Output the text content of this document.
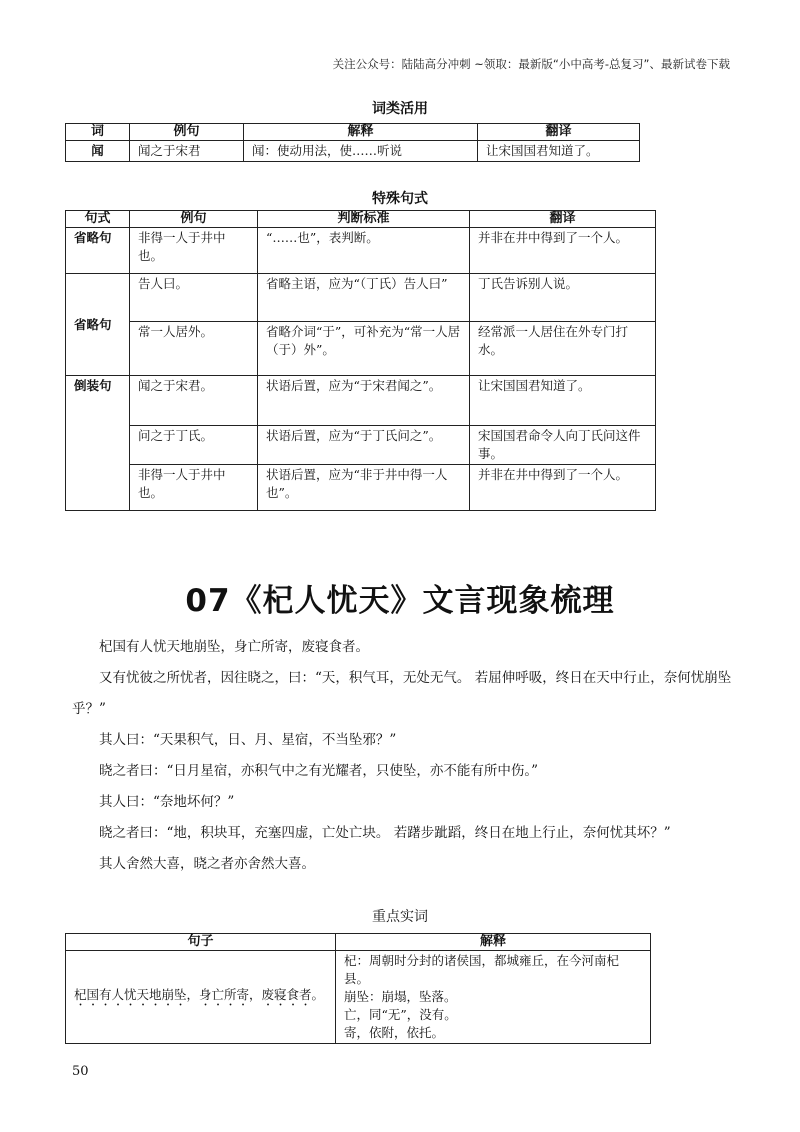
关注公众号：陆陆高分冲刺 ~领取：最新版“小中高考-总复习”、最新试卷下载
词类活用
词	例句	解释	翻译
闻	闻之于宋君	闻：使动用法，使……听说	让宋国国君知道了。
特殊句式
句式	例句	判断标准	翻译
省略句	非得一人于井中也。	“……也”，表判断。	并非在井中得到了一个人。
省略句	告人曰。	省略主语，应为“（丁氏）告人曰”	丁氏告诉别人说。
	常一人居外。	省略介词“于”，可补充为“常一人居（于）外”。	经常派一人居住在外专门打水。
倒装句	闻之于宋君。	状语后置，应为“于宋君闻之”。	让宋国国君知道了。
	问之于丁氏。	状语后置，应为“于丁氏问之”。	宋国国君命令人向丁氏问这件事。
	非得一人于井中也。	状语后置，应为“非于井中得一人也”。	并非在井中得到了一个人。
07《杞人忧天》文言现象梳理

杞国有人忧天地崩坠，身亡所寄，废寝食者。

又有忧彼之所忧者，因往晓之，曰：“天，积气耳，无处无气。 若屈伸呼吸，终日在天中行止，奈何忧崩坠乎？”

其人曰：“天果积气，日、月、星宿，不当坠邪？”

晓之者曰：“日月星宿，亦积气中之有光耀者，只使坠，亦不能有所中伤。”

其人曰：“奈地坏何？”

晓之者曰：“地，积块耳，充塞四虚，亡处亡块。 若躇步跐蹈，终日在地上行止，奈何忧其坏？”

其人舍然大喜，晓之者亦舍然大喜。

重点实词
句子	解释
杞国有人忧天地崩坠，身亡所寄，废寝食者。	杞：周朝时分封的诸侯国，都城雍丘，在今河南杞县。
崩坠：崩塌，坠落。
亡，同“无”，没有。
寄，依附，依托。
50
